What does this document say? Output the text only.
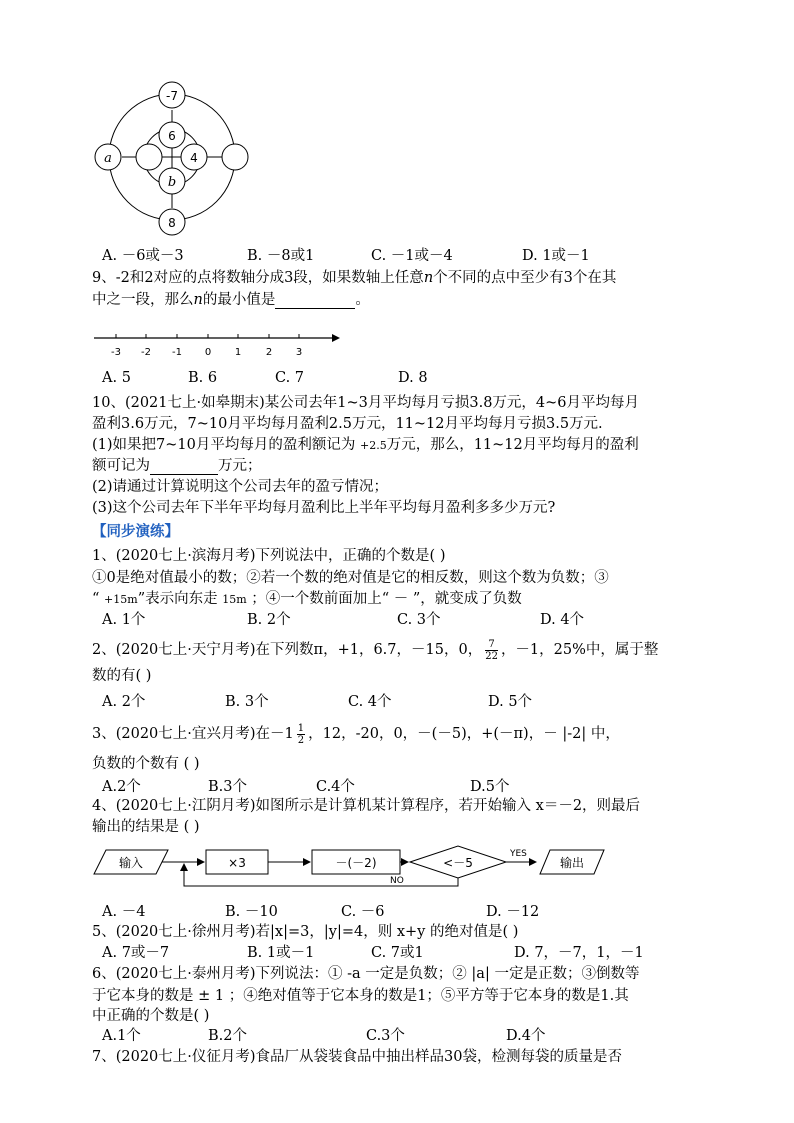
-7
6
a	4
b
8
A. －6或－3	B. －8或1	C. －1或－4	D. 1或－1
9、-2和2对应的点将数轴分成3段，如果数轴上任意n个不同的点中至少有3个在其
中之一段，那么n的最小值是	。
-3 -2 -1 0 1 2 3
A. 5	B. 6	C. 7	D. 8
10、(2021七上·如皋期末)某公司去年1~3月平均每月亏损3.8万元，4~6月平均每月
盈利3.6万元，7~10月平均每月盈利2.5万元，11~12月平均每月亏损3.5万元.
(1)如果把7~10月平均每月的盈利额记为 +2.5万元，那么，11~12月平均每月的盈利
额可记为	万元；
(2)请通过计算说明这个公司去年的盈亏情况；
(3)这个公司去年下半年平均每月盈利比上半年平均每月盈利多多少万元?
【同步演练】
1、(2020七上·滨海月考)下列说法中，正确的个数是( )
①0是绝对值最小的数；②若一个数的绝对值是它的相反数，则这个数为负数；③
“ +15m”表示向东走 15m ；④一个数前面加上“ － ”，就变成了负数
A. 1个	B. 2个	C. 3个	D. 4个
2、(2020七上·天宁月考)在下列数π，+1，6.7，－15，0， $\frac{7}{22}$ ，－1，25%中，属于整
数的有( )
A. 2个	B. 3个	C. 4个	D. 5个
3、(2020七上·宜兴月考)在$-1 \frac{1}{2}$ ，12，-20，0，－(－5)，+(－π)，－ |-2| 中，
负数的个数有 ( )
A.2个	B.3个	C.4个	D.5个
4、(2020七上·江阴月考)如图所示是计算机某计算程序，若开始输入 x＝－2，则最后
输出的结果是 ( )
输入	×3	－(－2)	<－5
YES
输出
NO
A. －4	B. －10	C. －6	D. －12
5、(2020七上·徐州月考)若|x|=3，|y|=4，则 x+y 的绝对值是( )
A. 7或－7	B. 1或－1	C. 7或1	D. 7，－7，1，－1
6、(2020七上·泰州月考)下列说法：① -a 一定是负数；② |a| 一定是正数；③倒数等
于它本身的数是 ± 1 ；④绝对值等于它本身的数是1；⑤平方等于它本身的数是1.其
中正确的个数是( )
A.1个	B.2个	C.3个	D.4个
7、(2020七上·仪征月考)食品厂从袋装食品中抽出样品30袋，检测每袋的质量是否
